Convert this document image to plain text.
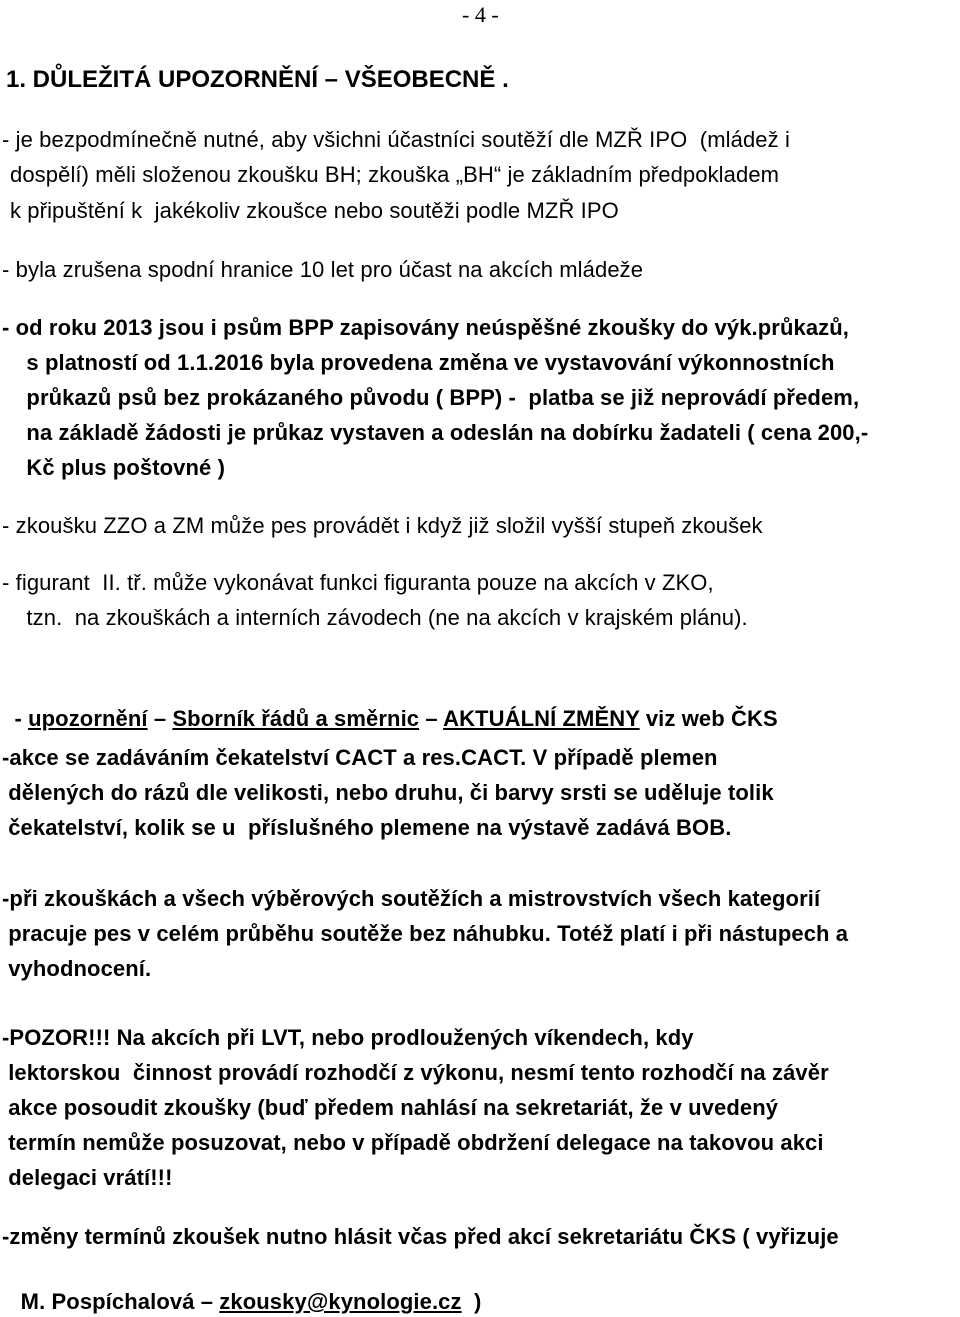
- 4 -
1. DŮLEŽITÁ UPOZORNĚNÍ – VŠEOBECNĚ .
- je bezpodmínečně nutné, aby všichni účastníci soutěží dle MZŘ IPO  (mládež i
dospělí) měli složenou zkoušku BH; zkouška „BH“ je základním předpokladem
k připuštění k  jakékoliv zkoušce nebo soutěži podle MZŘ IPO
- byla zrušena spodní hranice 10 let pro účast na akcích mládeže
- od roku 2013 jsou i psům BPP zapisovány neúspěšné zkoušky do výk.průkazů,
s platností od 1.1.2016 byla provedena změna ve vystavování výkonnostních
průkazů psů bez prokázaného původu ( BPP) -  platba se již neprovádí předem,
na základě žádosti je průkaz vystaven a odeslán na dobírku žadateli ( cena 200,-
Kč plus poštovné )
- zkoušku ZZO a ZM může pes provádět i když již složil vyšší stupeň zkoušek
- figurant  II. tř. může vykonávat funkci figuranta pouze na akcích v ZKO,
tzn.  na zkouškách a interních závodech (ne na akcích v krajském plánu).

- upozornění – Sborník řádů a směrnic – AKTUÁLNÍ ZMĚNY viz web ČKS

-akce se zadáváním čekatelství CACT a res.CACT. V případě plemen
dělených do rázů dle velikosti, nebo druhu, či barvy srsti se uděluje tolik
čekatelství, kolik se u  příslušného plemene na výstavě zadává BOB.
-při zkouškách a všech výběrových soutěžích a mistrovstvích všech kategorií
pracuje pes v celém průběhu soutěže bez náhubku. Totéž platí i při nástupech a
vyhodnocení.
-POZOR!!! Na akcích při LVT, nebo prodloužených víkendech, kdy
lektorskou  činnost provádí rozhodčí z výkonu, nesmí tento rozhodčí na závěr
akce posoudit zkoušky (buď předem nahlásí na sekretariát, že v uvedený
termín nemůže posuzovat, nebo v případě obdržení delegace na takovou akci
delegaci vrátí!!!
-změny termínů zkoušek nutno hlásit včas před akcí sekretariátu ČKS ( vyřizuje

M. Pospíchalová – zkousky@kynologie.cz  )
